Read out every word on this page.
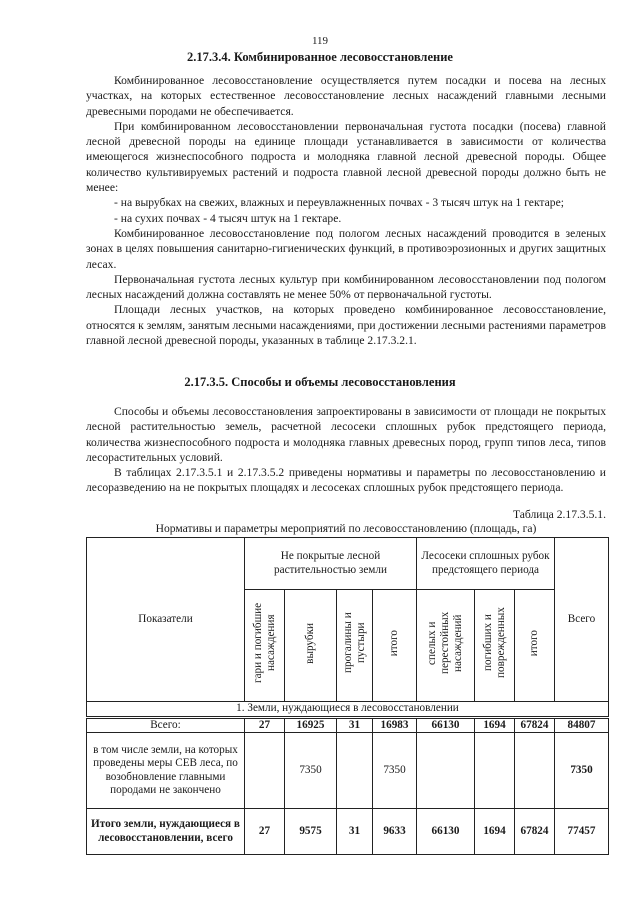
119
2.17.3.4. Комбинированное лесовосстановление

Комбинированное лесовосстановление осуществляется путем посадки и посева на лесных участках, на которых естественное лесовосстановление лесных насаждений главными лесными древесными породами не обеспечивается.

При комбинированном лесовосстановлении первоначальная густота посадки (посева) главной лесной древесной породы на единице площади устанавливается в зависимости от количества имеющегося жизнеспособного подроста и молодняка главной лесной древесной породы. Общее количество культивируемых растений и подроста главной лесной древесной породы должно быть не менее:

- на вырубках на свежих, влажных и переувлажненных почвах - 3 тысяч штук на 1 гектаре;

- на сухих почвах - 4 тысяч штук на 1 гектаре.

Комбинированное лесовосстановление под пологом лесных насаждений проводится в зеленых зонах в целях повышения санитарно-гигиенических функций, в противоэрозионных и других защитных лесах.

Первоначальная густота лесных культур при комбинированном лесовосстановлении под пологом лесных насаждений должна составлять не менее 50% от первоначальной густоты.

Площади лесных участков, на которых проведено комбинированное лесовосстановление, относятся к землям, занятым лесными насаждениями, при достижении лесными растениями параметров главной лесной древесной породы, указанных в таблице 2.17.3.2.1.

2.17.3.5. Способы и объемы лесовосстановления

Способы и объемы лесовосстановления запроектированы в зависимости от площади не покрытых лесной растительностью земель, расчетной лесосеки сплошных рубок предстоящего периода, количества жизнеспособного подроста и молодняка главных древесных пород, групп типов леса, типов лесорастительных условий.

В таблицах 2.17.3.5.1 и 2.17.3.5.2 приведены нормативы и параметры по лесовосстановлению и лесоразведению на не покрытых площадях и лесосеках сплошных рубок предстоящего периода.

Таблица 2.17.3.5.1.
Нормативы и параметры мероприятий по лесовосстановлению (площадь, га)
Показатели	Не покрытые лесной растительностью земли				Лесосеки сплошных рубок предстоящего периода			Всего
	гари и погибшие насаждения	вырубки	прогалины и пустыри	итого	спелых и перестойных насаждений	погибших и поврежденных	итого	
1. Земли, нуждающиеся в лесовосстановлении								
Всего:	27	16925	31	16983	66130	1694	67824	84807
в том числе земли, на которых проведены меры СЕВ леса, по возобновление главными породами не закончено		7350		7350				7350
Итого земли, нуждающиеся в лесовосстановлении, всего	27	9575	31	9633	66130	1694	67824	77457
